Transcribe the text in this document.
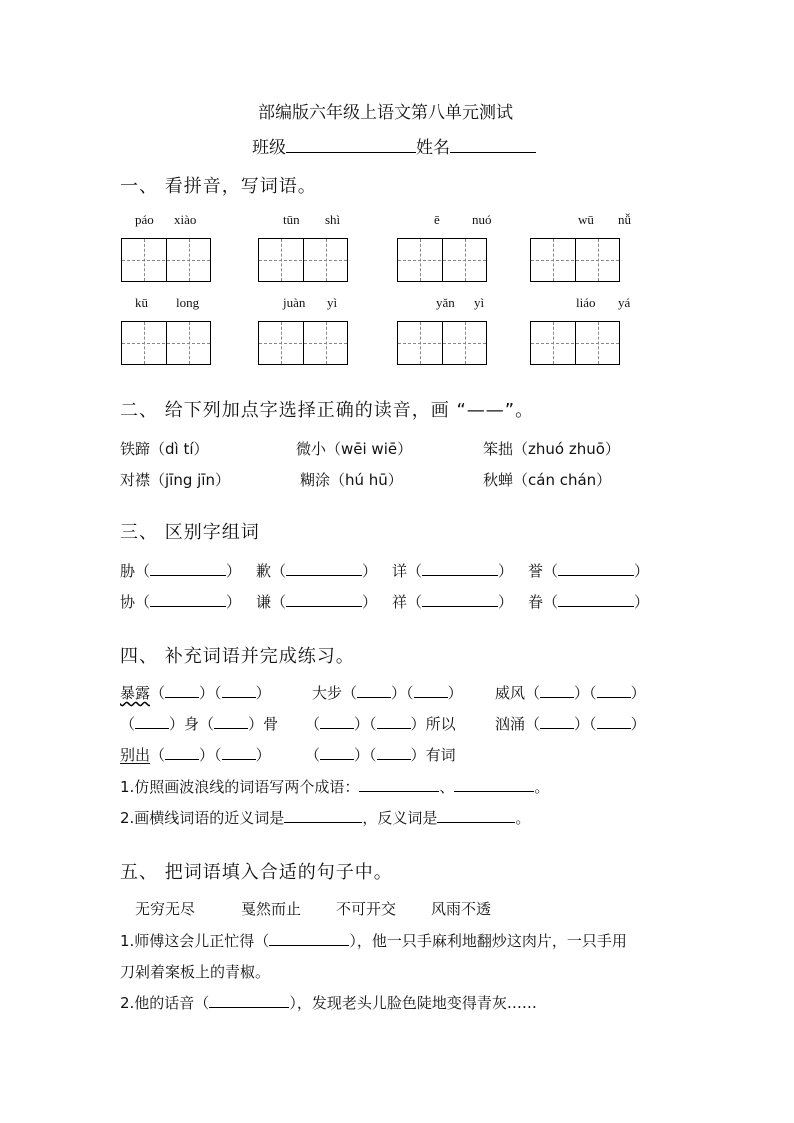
部编版六年级上语文第八单元测试
班级	姓名
一、 看拼音，写词语。
páo xiào	tūn shì	ē nuó	wū nǚ
kū long	juàn yì	yǎn yì	liáo yá
二、 给下列加点字选择正确的读音，画 “——”。
铁蹄（dì tí）	微小（wēi wiē）	笨拙（zhuó zhuō）
对襟（jīng jīn）	糊涂（hú hū）	秋蝉（cán chán）
三、 区别字组词
胁（	） 歉（	） 详（	） 誉（	）
协（	） 谦（	） 祥（	） 眷（	）
四、 补充词语并完成练习。
暴露（ ）（ ）	大步（ ）（ ） 威风（ ）（ ）
（ ）身（ ）骨 （ ）（ ）所以	汹涌（ ）（ ）
别出（ ）（ ） （ ）（ ）有词
1.仿照画波浪线的词语写两个成语：	、	。
2.画横线词语的近义词是	，反义词是	。
五、 把词语填入合适的句子中。
无穷无尽	戛然而止 不可开交 风雨不透
1.师傅这会儿正忙得（	），他一只手麻利地翻炒这肉片，一只手用
刀剁着案板上的青椒。
2.他的话音（	），发现老头儿脸色陡地变得青灰……
